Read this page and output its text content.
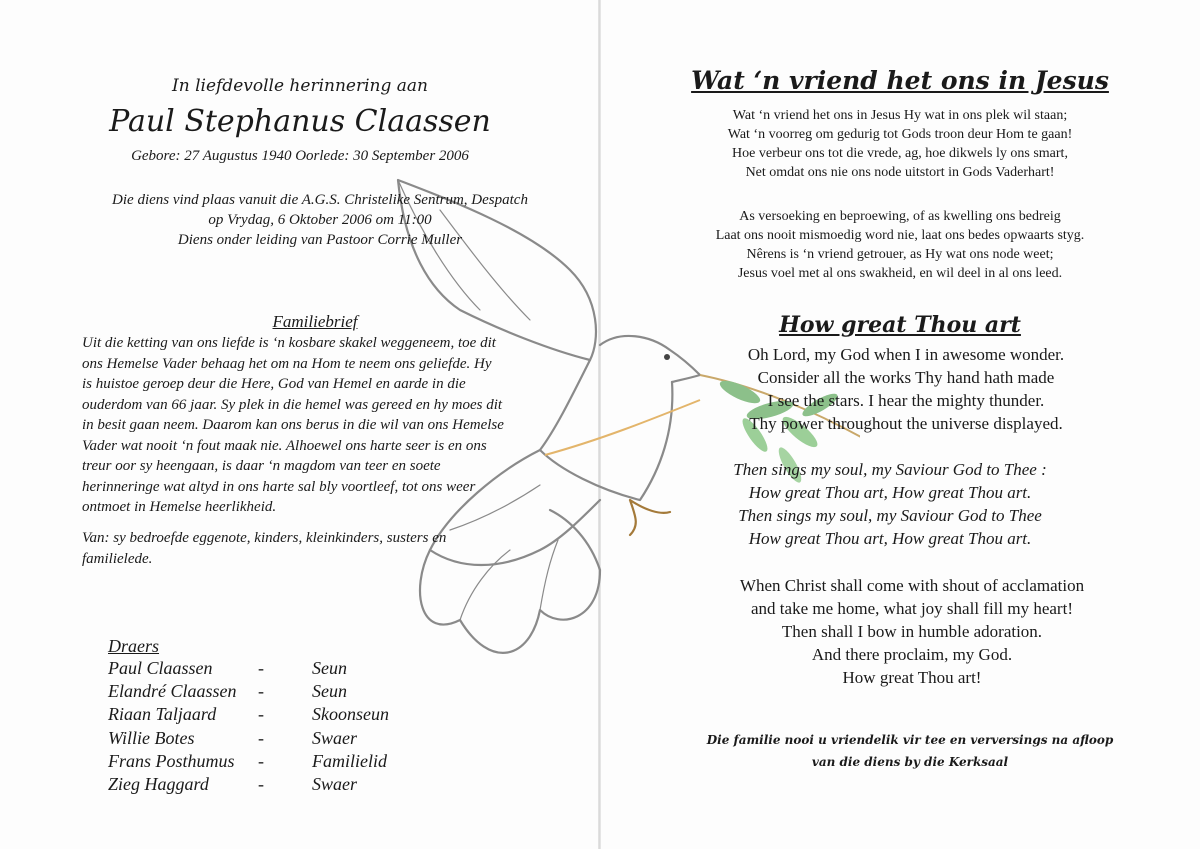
In liefdevolle herinnering aan
Paul Stephanus Claassen
Gebore: 27 Augustus 1940 Oorlede: 30 September 2006
Die diens vind plaas vanuit die A.G.S. Christelike Sentrum, Despatch
op Vrydag, 6 Oktober 2006 om 11:00
Diens onder leiding van Pastoor Corrie Muller
Familiebrief
Uit die ketting van ons liefde is ‘n kosbare skakel weggeneem, toe dit
ons Hemelse Vader behaag het om na Hom te neem ons geliefde. Hy
is huistoe geroep deur die Here, God van Hemel en aarde in die
ouderdom van 66 jaar. Sy plek in die hemel was gereed en hy moes dit
in besit gaan neem. Daarom kan ons berus in die wil van ons Hemelse
Vader wat nooit ‘n fout maak nie. Alhoewel ons harte seer is en ons
treur oor sy heengaan, is daar ‘n magdom van teer en soete
herinneringe wat altyd in ons harte sal bly voortleef, tot ons weer
ontmoet in Hemelse heerlikheid.
Van: sy bedroefde eggenote, kinders, kleinkinders, susters en
familielede.
Draers
Paul Claassen	-	Seun
Elandré Claassen -	Seun
Riaan Taljaard -	Skoonseun
Willie Botes	-	Swaer
Frans Posthumus -	Familielid
Zieg Haggard	-	Swaer
Wat ‘n vriend het ons in Jesus
Wat ‘n vriend het ons in Jesus Hy wat in ons plek wil staan;
Wat ‘n voorreg om gedurig tot Gods troon deur Hom te gaan!
Hoe verbeur ons tot die vrede, ag, hoe dikwels ly ons smart,
Net omdat ons nie ons node uitstort in Gods Vaderhart!
As versoeking en beproewing, of as kwelling ons bedreig
Laat ons nooit mismoedig word nie, laat ons bedes opwaarts styg.
Nêrens is ‘n vriend getrouer, as Hy wat ons node weet;
Jesus voel met al ons swakheid, en wil deel in al ons leed.
How great Thou art
Oh Lord, my God when I in awesome wonder.
Consider all the works Thy hand hath made
I see the stars. I hear the mighty thunder.
Thy power throughout the universe displayed.
Then sings my soul, my Saviour God to Thee :
How great Thou art, How great Thou art.
Then sings my soul, my Saviour God to Thee
How great Thou art, How great Thou art.
When Christ shall come with shout of acclamation
and take me home, what joy shall fill my heart!
Then shall I bow in humble adoration.
And there proclaim, my God.
How great Thou art!
Die familie nooi u vriendelik vir tee en verversings na afloop
van die diens by die Kerksaal
